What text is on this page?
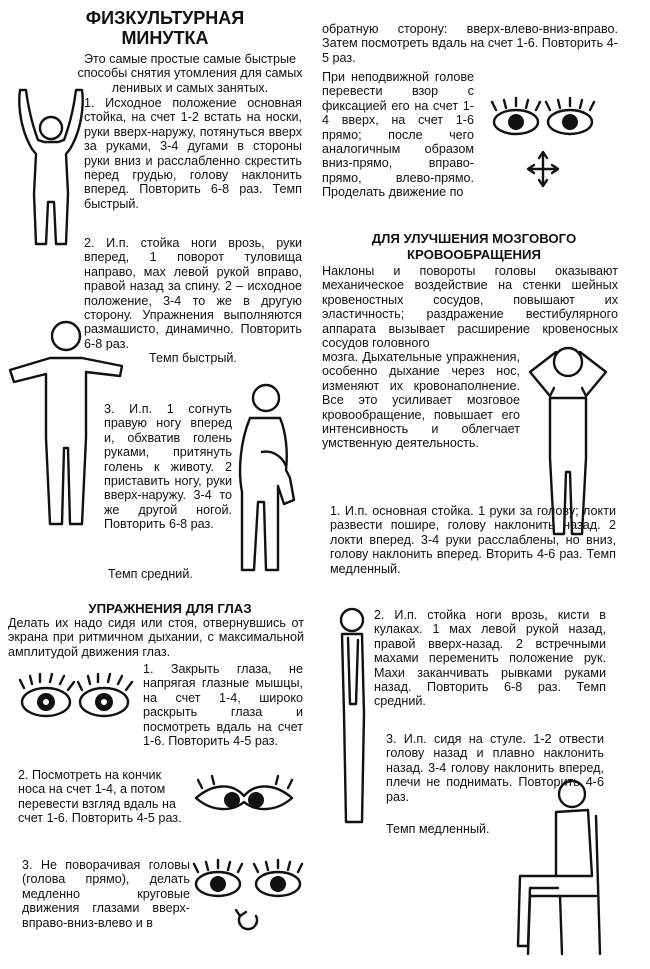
ФИЗКУЛЬТУРНАЯ
МИНУТКА

Это самые простые самые быстрые способы снятия утомления для самых ленивых и самых занятых.

1. Исходное положение основная стойка, на счет 1-2 встать на носки, руки вверх-наружу, потянуться вверх за руками, 3-4 дугами в стороны руки вниз и расслабленно скрестить перед грудью, голову наклонить вперед. Повторить 6-8 раз. Темп быстрый.

2. И.п. стойка ноги врозь, руки вперед, 1 поворот туловища направо, мах левой рукой вправо, правой назад за спину. 2 – исходное положение, 3-4 то же в другую сторону. Упражнения выполняются размашисто, динамично. Повторить 6-8 раз.

Темп быстрый.

3. И.п. 1 согнуть правую ногу вперед и, обхватив голень руками, притянуть голень к животу. 2 приставить ногу, руки вверх-наружу. 3-4 то же другой ногой. Повторить 6-8 раз.

Темп средний.

УПРАЖНЕНИЯ ДЛЯ ГЛАЗ

Делать их надо сидя или стоя, отвернувшись от экрана при ритмичном дыхании, с максимальной амплитудой движения глаз.

1. Закрыть глаза, не напрягая глазные мышцы, на счет 1-4, широко раскрыть глаза и посмотреть вдаль на счет 1-6. Повторить 4-5 раз.

2. Посмотреть на кончик носа на счет 1-4, а потом перевести взгляд вдаль на счет 1-6. Повторить 4-5 раз.

3. Не поворачивая головы (голова прямо), делать медленно круговые движения глазами вверх-вправо-вниз-влево и в

обратную сторону: вверх-влево-вниз-вправо. Затем посмотреть вдаль на счет 1-6. Повторить 4-5 раз.

При неподвижной голове перевести взор с фиксацией его на счет 1-4 вверх, на счет 1-6 прямо; после чего аналогичным образом вниз-прямо, вправо-прямо, влево-прямо. Проделать движение по

ДЛЯ УЛУЧШЕНИЯ МОЗГОВОГО
КРОВООБРАЩЕНИЯ

Наклоны и повороты головы оказывают механическое воздействие на стенки шейных кровеностных сосудов, повышают их эластичность; раздражение вестибулярного аппарата вызывает расширение кровеносных сосудов головного

мозга. Дыхательные упражнения, особенно дыхание через нос, изменяют их кровонаполнение. Все это усиливает мозговое кровообращение, повышает его интенсивность и облегчает умственную деятельность.

1. И.п. основная стойка. 1 руки за голову; локти развести пошире, голову наклонить назад. 2 локти вперед. 3-4 руки расслаблены, но вниз, голову наклонить вперед. Вторить 4-6 раз. Темп медленный.

2. И.п. стойка ноги врозь, кисти в кулаках. 1 мах левой рукой назад, правой вверх-назад. 2 встречными махами переменить положение рук. Махи заканчивать рывками руками назад. Повторить 6-8 раз. Темп средний.

3. И.п. сидя на стуле. 1-2 отвести голову назад и плавно наклонить назад. 3-4 голову наклонить вперед, плечи не поднимать. Повторить 4-6 раз.

Темп медленный.
